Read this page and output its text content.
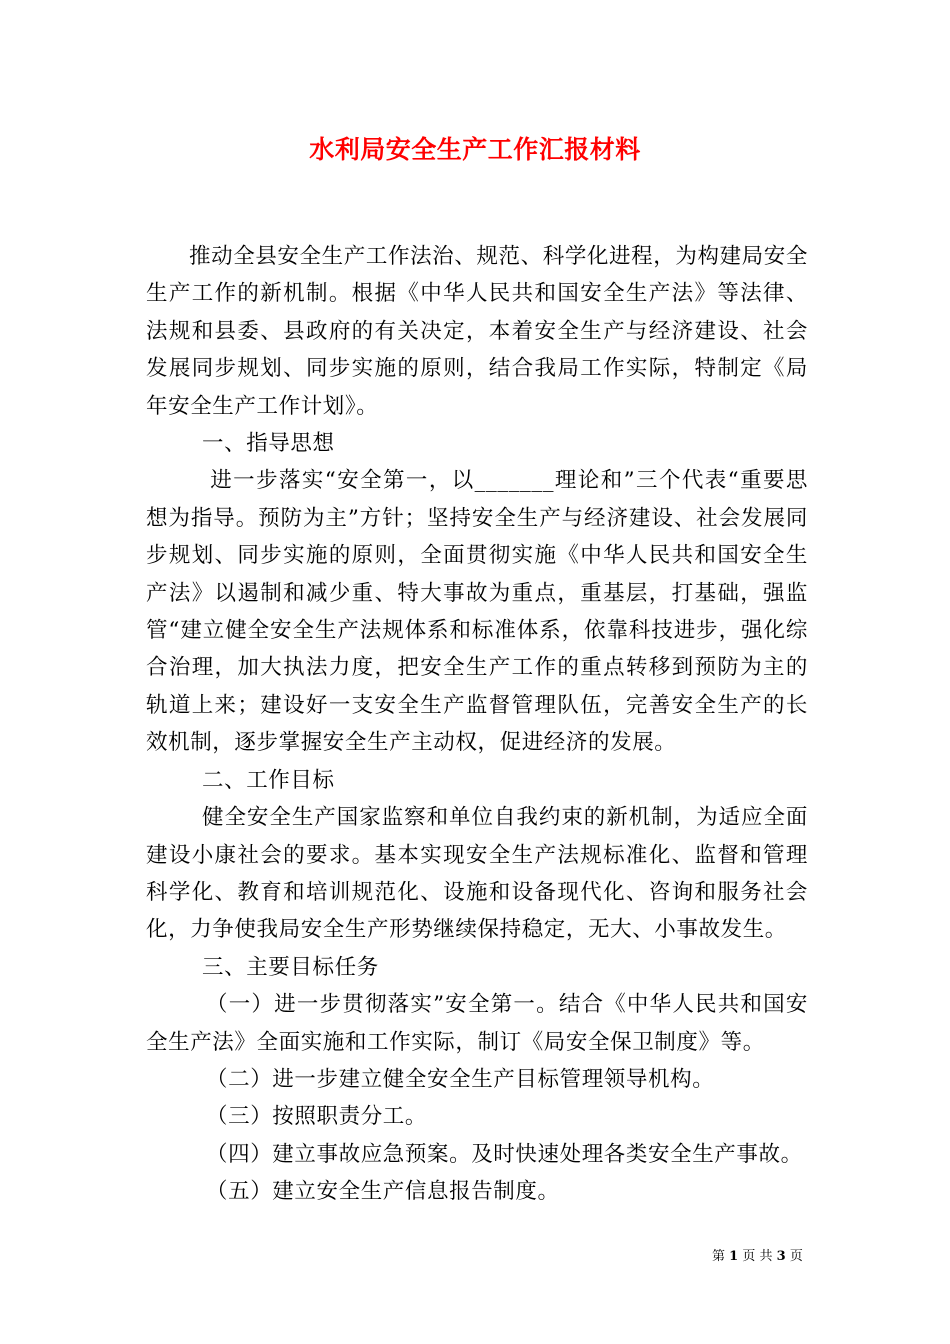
水利局安全生产工作汇报材料

推动全县安全生产工作法治、规范、科学化进程，为构建局安全生产工作的新机制。根据《中华人民共和国安全生产法》等法律、法规和县委、县政府的有关决定，本着安全生产与经济建设、社会发展同步规划、同步实施的原则，结合我局工作实际，特制定《局年安全生产工作计划》。

一、指导思想

进一步落实“安全第一，以_______理论和”三个代表“重要思想为指导。预防为主”方针；坚持安全生产与经济建设、社会发展同步规划、同步实施的原则，全面贯彻实施《中华人民共和国安全生产法》以遏制和减少重、特大事故为重点，重基层，打基础，强监管“建立健全安全生产法规体系和标准体系，依靠科技进步，强化综合治理，加大执法力度，把安全生产工作的重点转移到预防为主的轨道上来；建设好一支安全生产监督管理队伍，完善安全生产的长效机制，逐步掌握安全生产主动权，促进经济的发展。

二、工作目标

健全安全生产国家监察和单位自我约束的新机制，为适应全面建设小康社会的要求。基本实现安全生产法规标准化、监督和管理科学化、教育和培训规范化、设施和设备现代化、咨询和服务社会化，力争使我局安全生产形势继续保持稳定，无大、小事故发生。

三、主要目标任务

（一）进一步贯彻落实”安全第一。结合《中华人民共和国安全生产法》全面实施和工作实际，制订《局安全保卫制度》等。

（二）进一步建立健全安全生产目标管理领导机构。

（三）按照职责分工。

（四）建立事故应急预案。及时快速处理各类安全生产事故。

（五）建立安全生产信息报告制度。

第 1 页 共 3 页
